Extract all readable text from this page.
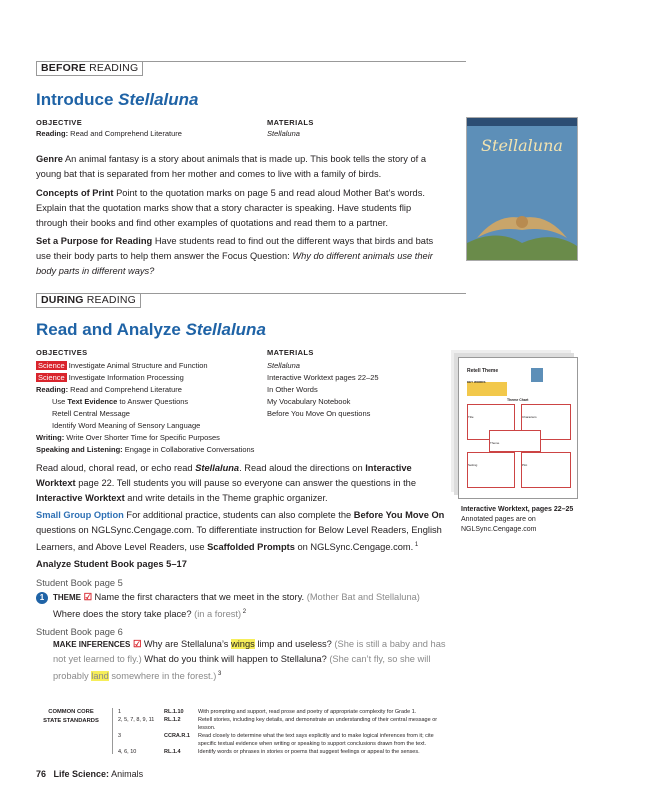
BEFORE READING
Introduce Stellaluna
OBJECTIVE
Reading: Read and Comprehend Literature
MATERIALS
Stellaluna
Genre An animal fantasy is a story about animals that is made up. This book tells the story of a young bat that is separated from her mother and comes to live with a family of birds.
Concepts of Print Point to the quotation marks on page 5 and read aloud Mother Bat’s words. Explain that the quotation marks show that a story character is speaking. Have students flip through their books and find other examples of quotations and read them to a partner.
Set a Purpose for Reading Have students read to find out the different ways that birds and bats use their body parts to help them answer the Focus Question: Why do different animals use their body parts in different ways?
Stellaluna
DURING READING
Read and Analyze Stellaluna
OBJECTIVES
Science Investigate Animal Structure and Function
Science Investigate Information Processing
Reading: Read and Comprehend Literature
Use Text Evidence to Answer Questions
Retell Central Message
Identify Word Meaning of Sensory Language
Writing: Write Over Shorter Time for Specific Purposes
Speaking and Listening: Engage in Collaborative Conversations
MATERIALS
Stellaluna
Interactive Worktext pages 22–25
In Other Words
My Vocabulary Notebook
Before You Move On questions
Read aloud, choral read, or echo read Stellaluna. Read aloud the directions on Interactive Worktext page 22. Tell students you will pause so everyone can answer the questions in the Interactive Worktext and write details in the Theme graphic organizer.
Small Group Option For additional practice, students can also complete the Before You Move On questions on NGLSync.Cengage.com. To differentiate instruction for Below Level Readers, English Learners, and Above Level Readers, use Scaffolded Prompts on NGLSync.Cengage.com. $^1$
Analyze Student Book pages 5–17
Student Book page 5
1	THEME ☑ Name the first characters that we meet in the story. (Mother Bat and Stellaluna)
Where does the story take place? (in a forest) $^2$
Student Book page 6
MAKE INFERENCES ☑ Why are Stellaluna’s wings limp and useless? (She is still a baby and has not yet learned to fly.) What do you think will happen to Stellaluna? (She can’t fly, so she will probably land somewhere in the forest.) $^3$
Retell Theme
KEY WORDS
Theme Chart
Title	Characters
Theme
Setting	Plot
Interactive Worktext, pages 22–25
Annotated pages are on
NGLSync.Cengage.com
COMMON CORE
STATE STANDARDS
1	RL.1.10	With prompting and support, read prose and poetry of appropriate complexity for Grade 1.
2, 5, 7, 8, 9, 11	RL.1.2	Retell stories, including key details, and demonstrate an understanding of their central message or lesson.
3	CCRA.R.1	Read closely to determine what the text says explicitly and to make logical inferences from it; cite specific textual evidence when writing or speaking to support conclusions drawn from the text.
4, 6, 10	RL.1.4	Identify words or phrases in stories or poems that suggest feelings or appeal to the senses.
76 Life Science: Animals
